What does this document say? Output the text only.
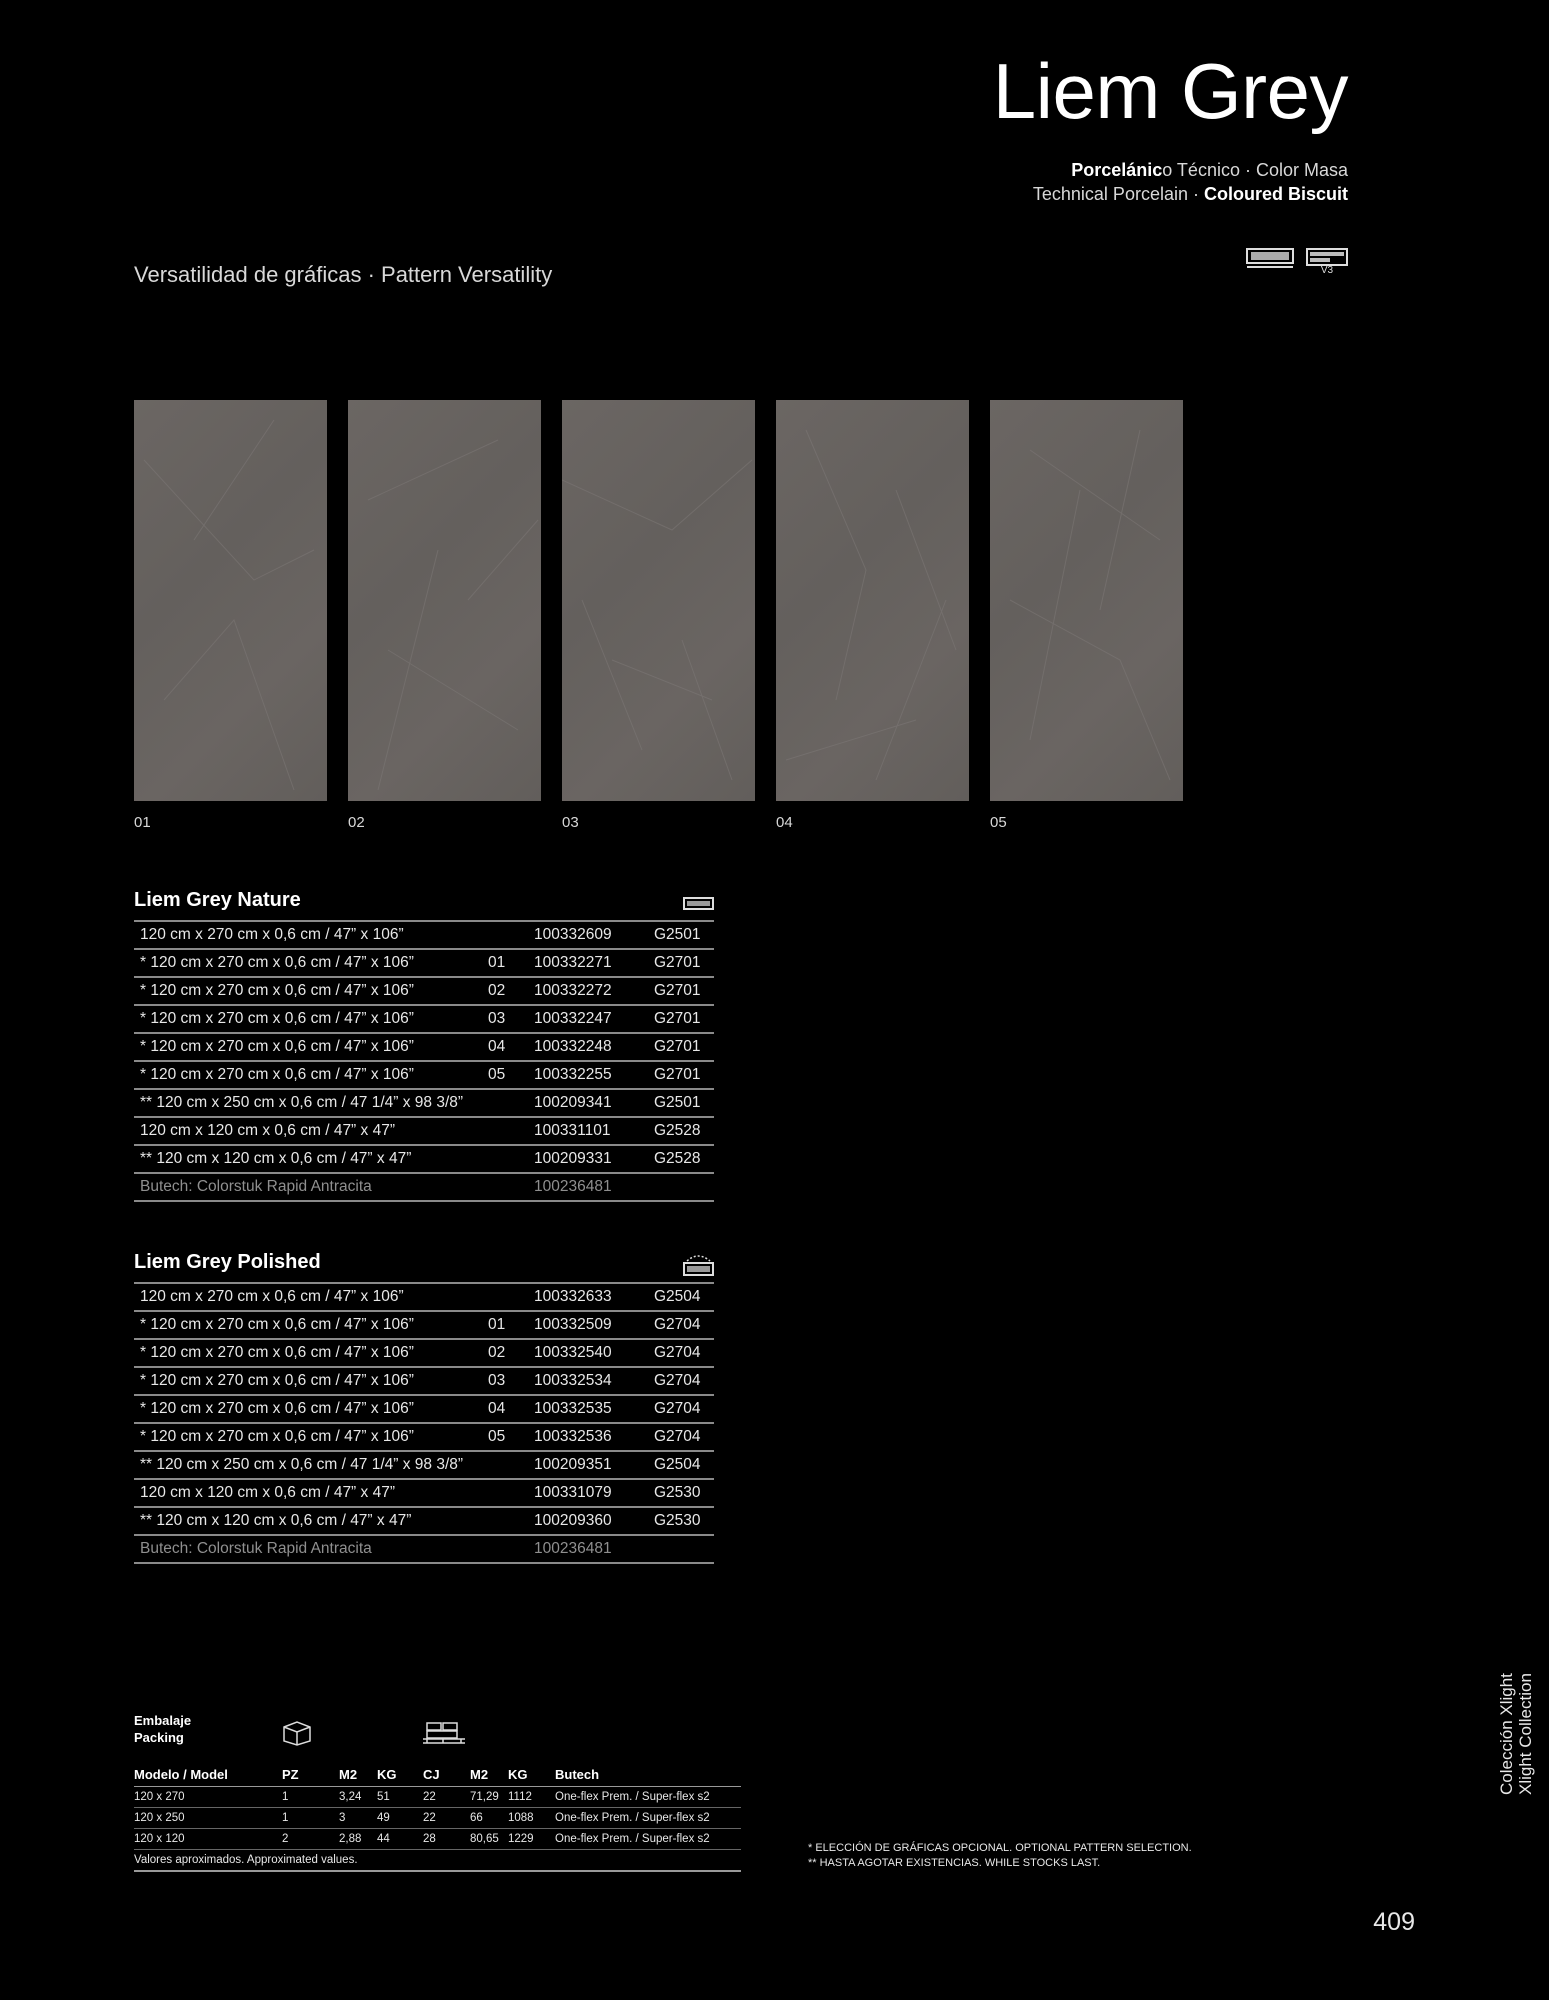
Liem Grey
Porcelánico Técnico · Color Masa
Technical Porcelain · Coloured Biscuit
Versatilidad de gráficas · Pattern Versatility	V3
01	02	03	04	05
Liem Grey Nature
120 cm x 270 cm x 0,6 cm / 47” x 106”		100332609	G2501
* 120 cm x 270 cm x 0,6 cm / 47” x 106”	01	100332271	G2701
* 120 cm x 270 cm x 0,6 cm / 47” x 106”	02	100332272	G2701
* 120 cm x 270 cm x 0,6 cm / 47” x 106”	03	100332247	G2701
* 120 cm x 270 cm x 0,6 cm / 47” x 106”	04	100332248	G2701
* 120 cm x 270 cm x 0,6 cm / 47” x 106”	05	100332255	G2701
** 120 cm x 250 cm x 0,6 cm / 47 1/4” x 98 3/8”		100209341	G2501
120 cm x 120 cm x 0,6 cm / 47” x 47”		100331101	G2528
** 120 cm x 120 cm x 0,6 cm / 47” x 47”		100209331	G2528
Butech: Colorstuk Rapid Antracita		100236481	
Liem Grey Polished
120 cm x 270 cm x 0,6 cm / 47” x 106”		100332633	G2504
* 120 cm x 270 cm x 0,6 cm / 47” x 106”	01	100332509	G2704
* 120 cm x 270 cm x 0,6 cm / 47” x 106”	02	100332540	G2704
* 120 cm x 270 cm x 0,6 cm / 47” x 106”	03	100332534	G2704
* 120 cm x 270 cm x 0,6 cm / 47” x 106”	04	100332535	G2704
* 120 cm x 270 cm x 0,6 cm / 47” x 106”	05	100332536	G2704
** 120 cm x 250 cm x 0,6 cm / 47 1/4” x 98 3/8”		100209351	G2504
120 cm x 120 cm x 0,6 cm / 47” x 47”		100331079	G2530
** 120 cm x 120 cm x 0,6 cm / 47” x 47”		100209360	G2530
Butech: Colorstuk Rapid Antracita		100236481	
Embalaje
Packing
Modelo / Model	PZ	M2	KG	CJ	M2	KG	Butech
120 x 270	1	3,24	51	22	71,29	1112	One-flex Prem. / Super-flex s2
120 x 250	1	3	49	22	66	1088	One-flex Prem. / Super-flex s2
120 x 120	2	2,88	44	28	80,65	1229	One-flex Prem. / Super-flex s2
Valores aproximados. Approximated values.							
* ELECCIÓN DE GRÁFICAS OPCIONAL. OPTIONAL PATTERN SELECTION.
** HASTA AGOTAR EXISTENCIAS. WHILE STOCKS LAST.
Colección Xlight Xlight Collection
409
